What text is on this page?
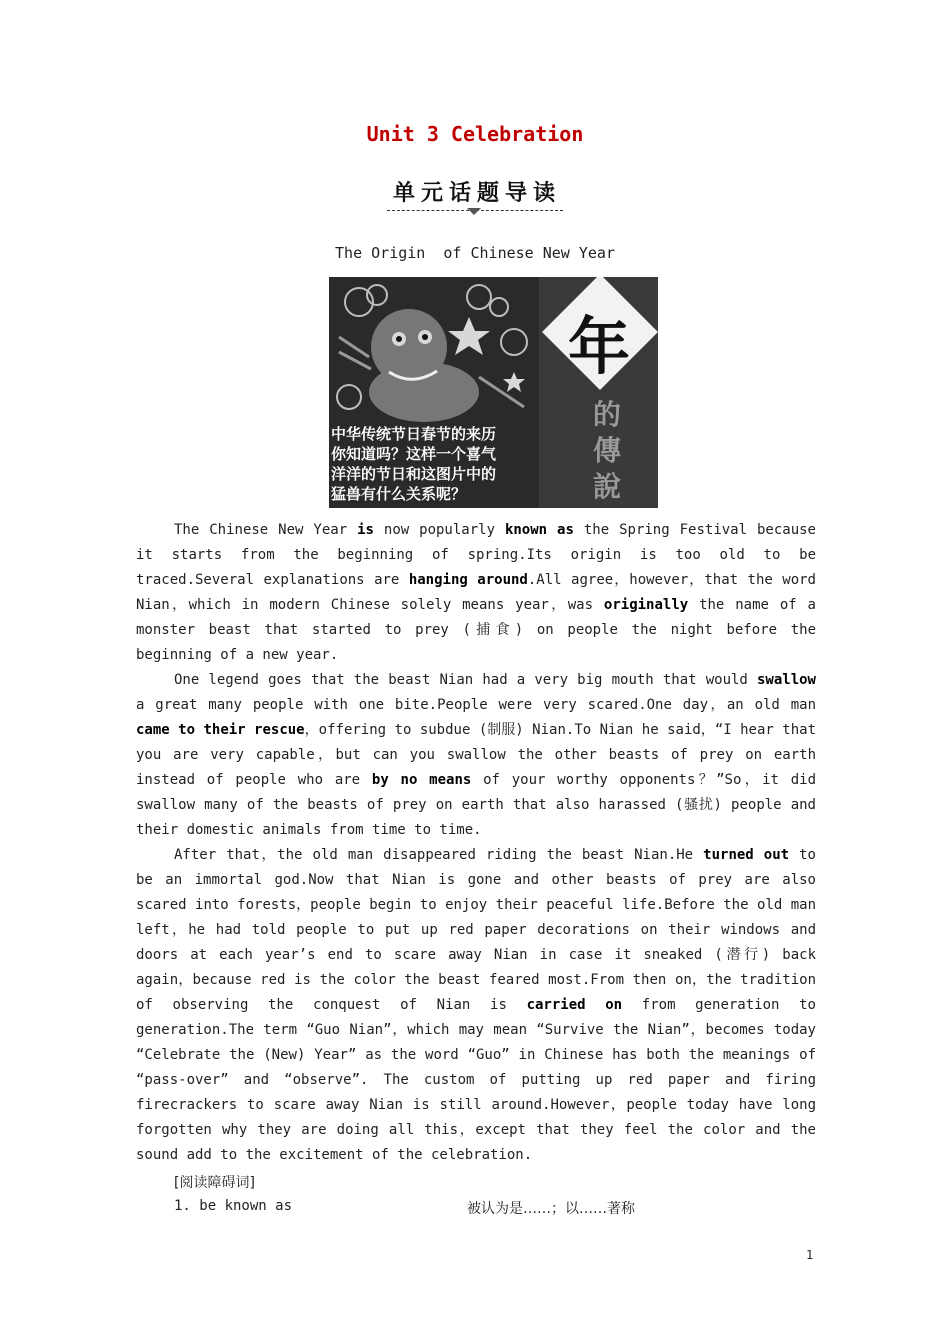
Unit 3 Celebration
单元话题导读
The Origin  of Chinese New Year
年
的
傳
說
中华传统节日春节的来历
你知道吗？这样一个喜气
洋洋的节日和这图片中的
猛兽有什么关系呢？

The Chinese New Year is now popularly known as the Spring Festival because it starts from the beginning of spring.Its origin is too old to be traced.Several explanations are hanging around.All agree，however，that the word Nian，which in modern Chinese solely means year，was originally the name of a monster beast that started to prey (捕食) on people the night before the beginning of a new year.

One legend goes that the beast Nian had a very big mouth that would swallow a great many people with one bite.People were very scared.One day，an old man came to their rescue，offering to subdue (制服) Nian.To Nian he said，“I hear that you are very capable，but can you swallow the other beasts of prey on earth instead of people who are by no means of your worthy opponents？”So，it did swallow many of the beasts of prey on earth that also harassed (骚扰) people and their domestic animals from time to time.

After that，the old man disappeared riding the beast Nian.He turned out to be an immortal god.Now that Nian is gone and other beasts of prey are also scared into forests，people begin to enjoy their peaceful life.Before the old man left，he had told people to put up red paper decorations on their windows and doors at each year’s end to scare away Nian in case it sneaked (潜行) back again，because red is the color the beast feared most.From then on，the tradition of observing the conquest of Nian is carried on from generation to generation.The term “Guo Nian”，which may mean “Survive the Nian”，becomes today “Celebrate the (New) Year” as the word “Guo” in Chinese has both the meanings of “pass-over” and “observe”. The custom of putting up red paper and firing firecrackers to scare away Nian is still around.However，people today have long forgotten why they are doing all this，except that they feel the color and the sound add to the excitement of the celebration.

[阅读障碍词]
1. be known as	被认为是……；以……著称
1
